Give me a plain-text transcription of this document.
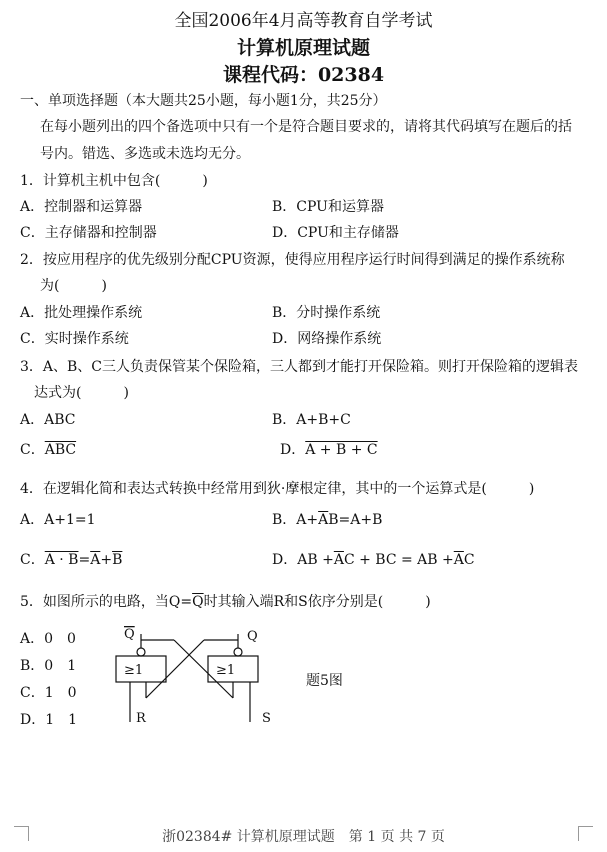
全国2006年4月高等教育自学考试
计算机原理试题
课程代码：02384
一、单项选择题（本大题共25小题，每小题1分，共25分）
在每小题列出的四个备选项中只有一个是符合题目要求的，请将其代码填写在题后的括
号内。错选、多选或未选均无分。
1．计算机主机中包含(　　　)
A．控制器和运算器	B．CPU和运算器
C．主存储器和控制器	D．CPU和主存储器
2．按应用程序的优先级别分配CPU资源，使得应用程序运行时间得到满足的操作系统称
为(　　　)
A．批处理操作系统	B．分时操作系统
C．实时操作系统	D．网络操作系统
3．A、B、C三人负责保管某个保险箱，三人都到才能打开保险箱。则打开保险箱的逻辑表
达式为(　　　)
A．ABC	B．A+B+C
C．$\overline{ABC}$	D．A + B + C
4．在逻辑化简和表达式转换中经常用到狄·摩根定律，其中的一个运算式是(　　　)
A．A+1=1	B．$A+\overline{A}B=A+B$
C．$A \cdot B=\overline{A}+\overline{B}$	D．AB $+\overline{A}C$ + BC = AB $+\overline{A}C$
5．如图所示的电路，当$Q=\overline{Q}$时其输入端R和S依序分别是(　　　)
A．0　0
B．0　1
C．1　0
D．1　1
≥1	≥1
Q	Q
R	S
题5图
浙02384# 计算机原理试题　第 1 页 共 7 页
